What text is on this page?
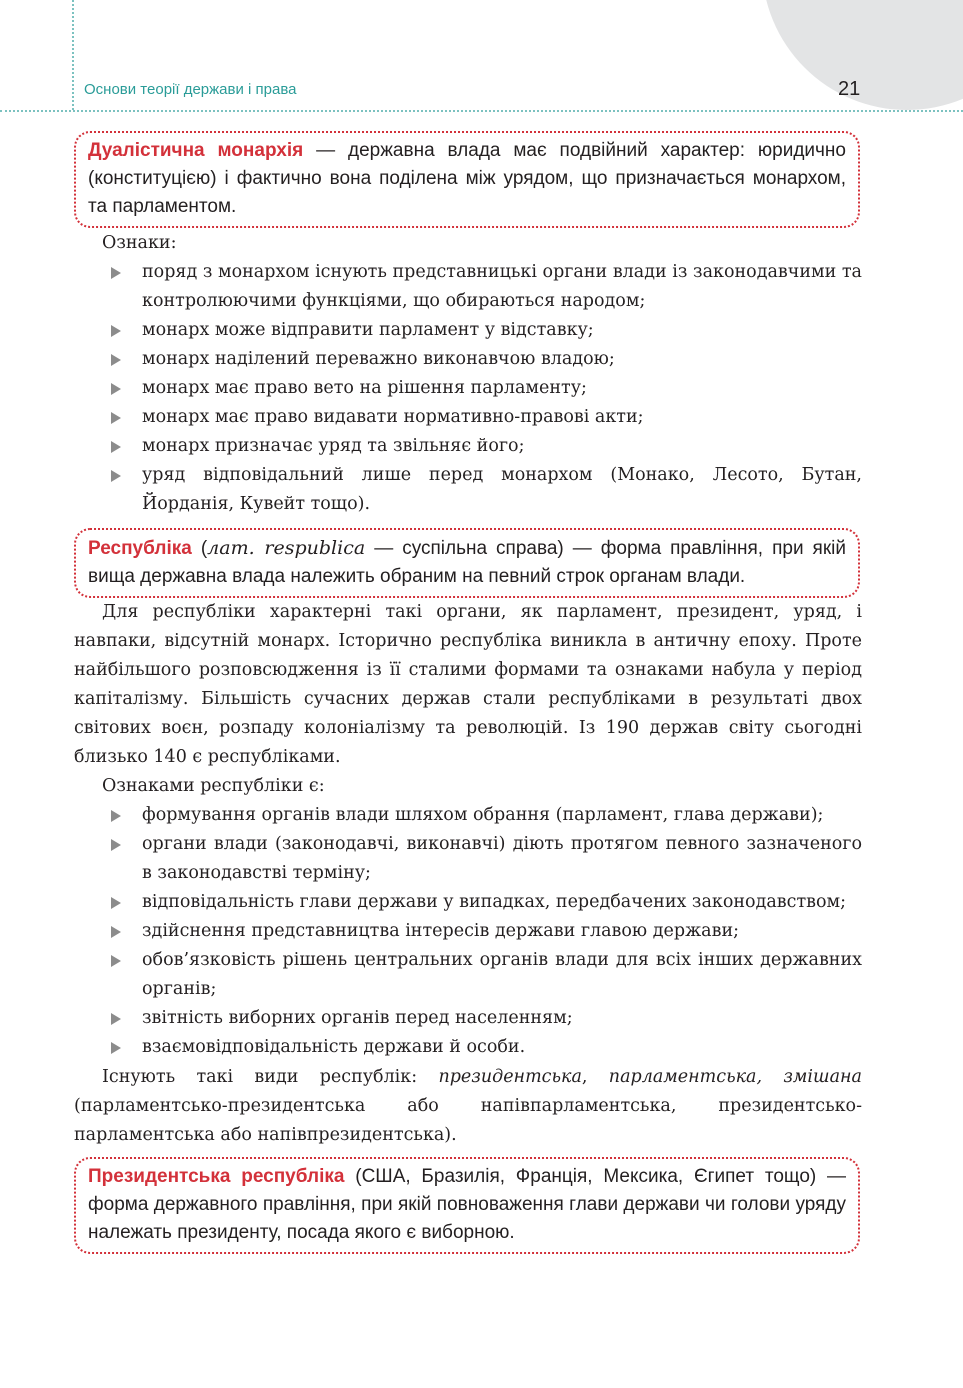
Основи теорії держави і права	21
Дуалістична монархія — державна влада має подвійний характер: юридично (конституцією) і фактично вона поділена між урядом, що призначається монархом, та парламентом.
Ознаки:
поряд з монархом існують представницькі органи влади із законодавчими та контролюючими функціями, що обираються народом;
монарх може відправити парламент у відставку;
монарх наділений переважно виконавчою владою;
монарх має право вето на рішення парламенту;
монарх має право видавати нормативно-правові акти;
монарх призначає уряд та звільняє його;
уряд відповідальний лише перед монархом (Монако, Лесото, Бутан, Йорданія, Кувейт тощо).
Республіка (лат. respublica — суспільна справа) — форма правління, при якій вища державна влада належить обраним на певний строк органам влади.
Для республіки характерні такі органи, як парламент, президент, уряд, і навпаки, відсутній монарх. Історично республіка виникла в античну епоху. Проте найбільшого розповсюдження із її сталими формами та ознаками набула у період капіталізму. Більшість сучасних держав стали республіками в результаті двох світових воєн, розпаду колоніалізму та революцій. Із 190 держав світу сьогодні близько 140 є республіками.
Ознаками республіки є:
формування органів влади шляхом обрання (парламент, глава держави);
органи влади (законодавчі, виконавчі) діють протягом певного зазначеного в законодавстві терміну;
відповідальність глави держави у випадках, передбачених законодавством;
здійснення представництва інтересів держави главою держави;
обов’язковість рішень центральних органів влади для всіх інших державних органів;
звітність виборних органів перед населенням;
взаємовідповідальність держави й особи.
Існують такі види республік: президентська, парламентська, змішана (парламентсько-президентська або напівпарламентська, президентсько-парламентська або напівпрезидентська).
Президентська республіка (США, Бразилія, Франція, Мексика, Єгипет тощо) — форма державного правління, при якій повноваження глави держави чи голови уряду належать президенту, посада якого є виборною.
